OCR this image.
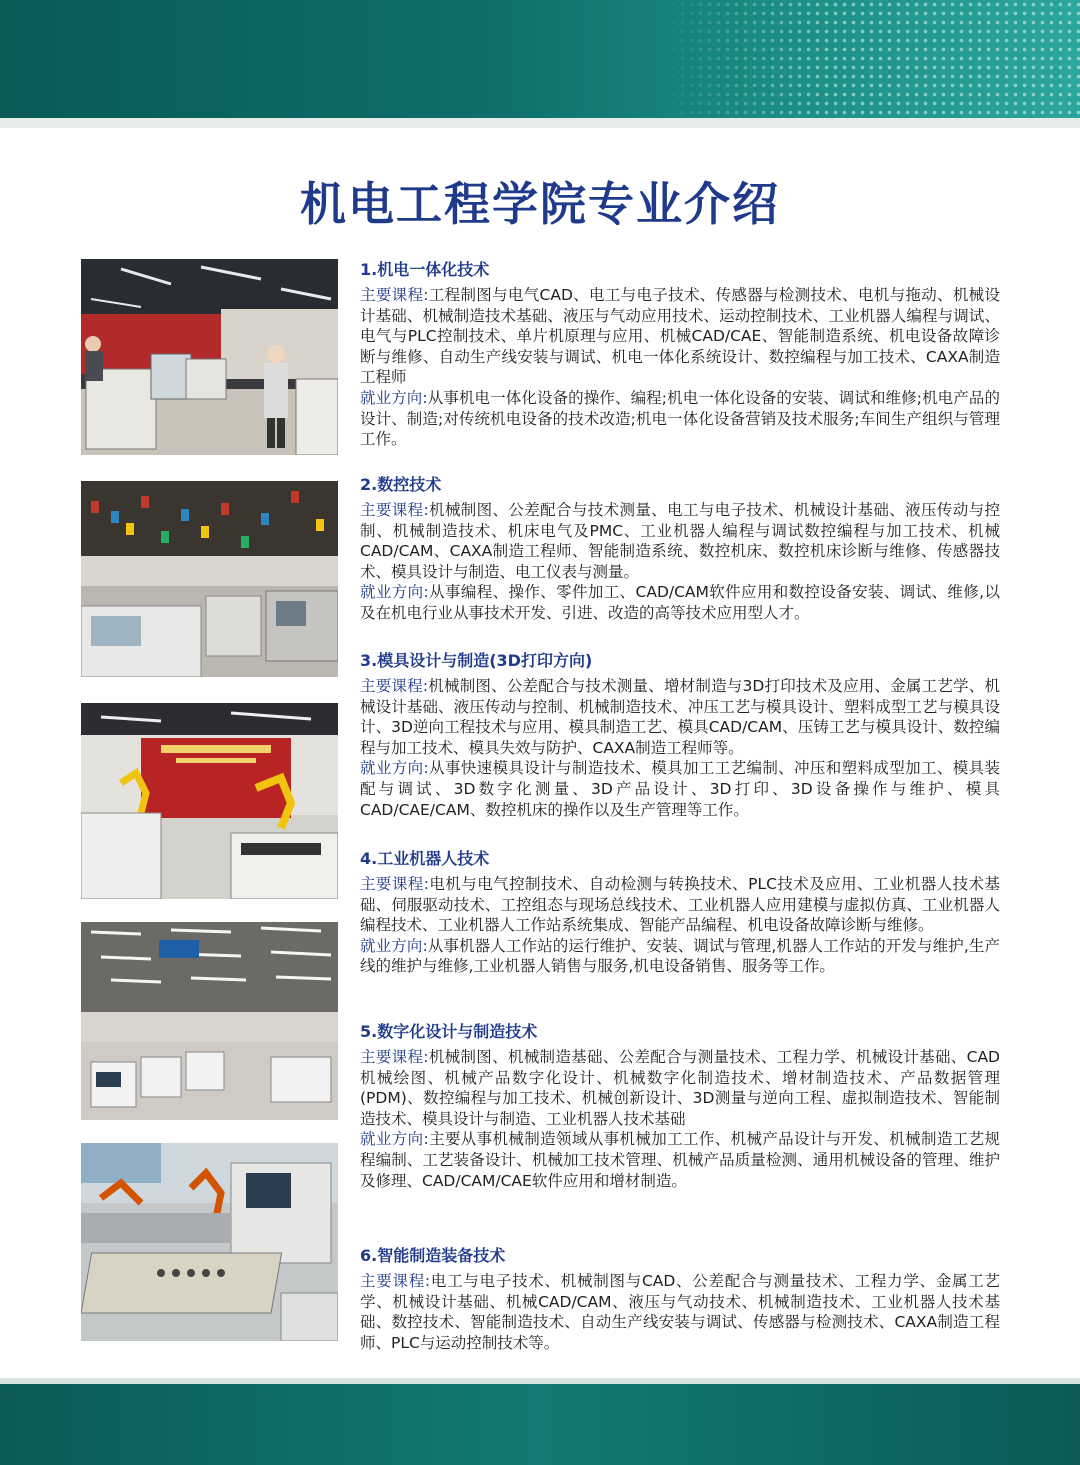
机电工程学院专业介绍
1.机电一体化技术

主要课程:工程制图与电气CAD、电工与电子技术、传感器与检测技术、电机与拖动、机械设计基础、机械制造技术基础、液压与气动应用技术、运动控制技术、工业机器人编程与调试、电气与PLC控制技术、单片机原理与应用、机械CAD/CAE、智能制造系统、机电设备故障诊断与维修、自动生产线安装与调试、机电一体化系统设计、数控编程与加工技术、CAXA制造工程师

就业方向:从事机电一体化设备的操作、编程;机电一体化设备的安装、调试和维修;机电产品的设计、制造;对传统机电设备的技术改造;机电一体化设备营销及技术服务;车间生产组织与管理工作。

2.数控技术

主要课程:机械制图、公差配合与技术测量、电工与电子技术、机械设计基础、液压传动与控制、机械制造技术、机床电气及PMC、工业机器人编程与调试数控编程与加工技术、机械CAD/CAM、CAXA制造工程师、智能制造系统、数控机床、数控机床诊断与维修、传感器技术、模具设计与制造、电工仪表与测量。

就业方向:从事编程、操作、零件加工、CAD/CAM软件应用和数控设备安装、调试、维修,以及在机电行业从事技术开发、引进、改造的高等技术应用型人才。

3.模具设计与制造(3D打印方向)

主要课程:机械制图、公差配合与技术测量、增材制造与3D打印技术及应用、金属工艺学、机械设计基础、液压传动与控制、机械制造技术、冲压工艺与模具设计、塑料成型工艺与模具设计、3D逆向工程技术与应用、模具制造工艺、模具CAD/CAM、压铸工艺与模具设计、数控编程与加工技术、模具失效与防护、CAXA制造工程师等。

就业方向:从事快速模具设计与制造技术、模具加工工艺编制、冲压和塑料成型加工、模具装配与调试、3D数字化测量、3D产品设计、3D打印、3D设备操作与维护、模具CAD/CAE/CAM、数控机床的操作以及生产管理等工作。

4.工业机器人技术

主要课程:电机与电气控制技术、自动检测与转换技术、PLC技术及应用、工业机器人技术基础、伺服驱动技术、工控组态与现场总线技术、工业机器人应用建模与虚拟仿真、工业机器人编程技术、工业机器人工作站系统集成、智能产品编程、机电设备故障诊断与维修。

就业方向:从事机器人工作站的运行维护、安装、调试与管理,机器人工作站的开发与维护,生产线的维护与维修,工业机器人销售与服务,机电设备销售、服务等工作。

5.数字化设计与制造技术

主要课程:机械制图、机械制造基础、公差配合与测量技术、工程力学、机械设计基础、CAD机械绘图、机械产品数字化设计、机械数字化制造技术、增材制造技术、产品数据管理(PDM)、数控编程与加工技术、机械创新设计、3D测量与逆向工程、虚拟制造技术、智能制造技术、模具设计与制造、工业机器人技术基础

就业方向:主要从事机械制造领域从事机械加工工作、机械产品设计与开发、机械制造工艺规程编制、工艺装备设计、机械加工技术管理、机械产品质量检测、通用机械设备的管理、维护及修理、CAD/CAM/CAE软件应用和增材制造。

6.智能制造装备技术

主要课程:电工与电子技术、机械制图与CAD、公差配合与测量技术、工程力学、金属工艺学、机械设计基础、机械CAD/CAM、液压与气动技术、机械制造技术、工业机器人技术基础、数控技术、智能制造技术、自动生产线安装与调试、传感器与检测技术、CAXA制造工程师、PLC与运动控制技术等。
